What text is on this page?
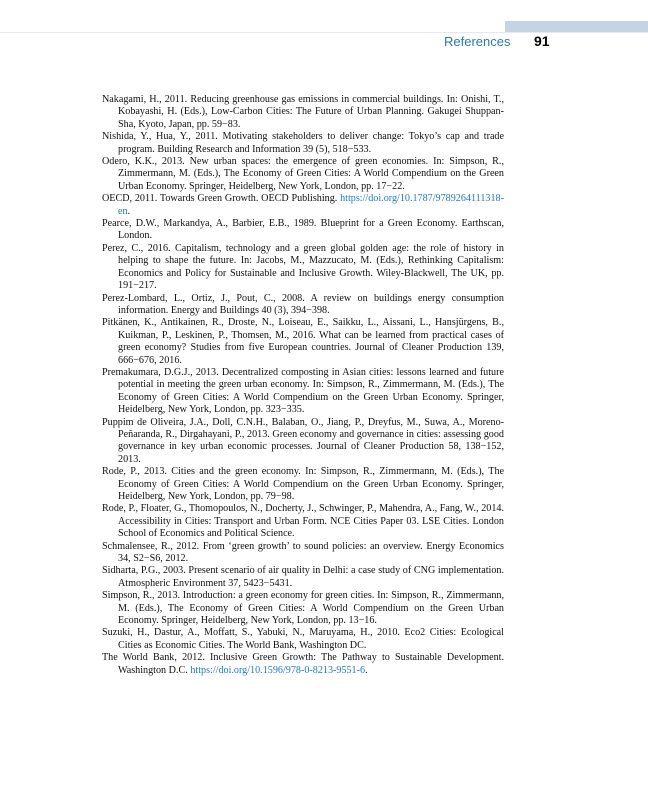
References 91
Nakagami, H., 2011. Reducing greenhouse gas emissions in commercial buildings. In: Onishi, T., Kobayashi, H. (Eds.), Low-Carbon Cities: The Future of Urban Planning. Gakugei Shuppan-Sha, Kyoto, Japan, pp. 59−83.
Nishida, Y., Hua, Y., 2011. Motivating stakeholders to deliver change: Tokyo’s cap and trade program. Building Research and Information 39 (5), 518−533.
Odero, K.K., 2013. New urban spaces: the emergence of green economies. In: Simpson, R., Zimmermann, M. (Eds.), The Economy of Green Cities: A World Compendium on the Green Urban Economy. Springer, Heidelberg, New York, London, pp. 17−22.
OECD, 2011. Towards Green Growth. OECD Publishing. https://doi.org/10.1787/9789264111318-en.
Pearce, D.W., Markandya, A., Barbier, E.B., 1989. Blueprint for a Green Economy. Earthscan, London.
Perez, C., 2016. Capitalism, technology and a green global golden age: the role of history in helping to shape the future. In: Jacobs, M., Mazzucato, M. (Eds.), Rethinking Capitalism: Economics and Policy for Sustainable and Inclusive Growth. Wiley-Blackwell, The UK, pp. 191−217.
Perez-Lombard, L., Ortiz, J., Pout, C., 2008. A review on buildings energy consumption information. Energy and Buildings 40 (3), 394−398.
Pitkänen, K., Antikainen, R., Droste, N., Loiseau, E., Saikku, L., Aissani, L., Hansjürgens, B., Kuikman, P., Leskinen, P., Thomsen, M., 2016. What can be learned from practical cases of green economy? Studies from five European countries. Journal of Cleaner Production 139, 666−676, 2016.
Premakumara, D.G.J., 2013. Decentralized composting in Asian cities: lessons learned and future potential in meeting the green urban economy. In: Simpson, R., Zimmermann, M. (Eds.), The Economy of Green Cities: A World Compendium on the Green Urban Economy. Springer, Heidelberg, New York, London, pp. 323−335.
Puppim de Oliveira, J.A., Doll, C.N.H., Balaban, O., Jiang, P., Dreyfus, M., Suwa, A., Moreno-Peñaranda, R., Dirgahayani, P., 2013. Green economy and governance in cities: assessing good governance in key urban economic processes. Journal of Cleaner Production 58, 138−152, 2013.
Rode, P., 2013. Cities and the green economy. In: Simpson, R., Zimmermann, M. (Eds.), The Economy of Green Cities: A World Compendium on the Green Urban Economy. Springer, Heidelberg, New York, London, pp. 79−98.
Rode, P., Floater, G., Thomopoulos, N., Docherty, J., Schwinger, P., Mahendra, A., Fang, W., 2014. Accessibility in Cities: Transport and Urban Form. NCE Cities Paper 03. LSE Cities. London School of Economics and Political Science.
Schmalensee, R., 2012. From ‘green growth’ to sound policies: an overview. Energy Economics 34, S2−S6, 2012.
Sidharta, P.G., 2003. Present scenario of air quality in Delhi: a case study of CNG implementation. Atmospheric Environment 37, 5423−5431.
Simpson, R., 2013. Introduction: a green economy for green cities. In: Simpson, R., Zimmermann, M. (Eds.), The Economy of Green Cities: A World Compendium on the Green Urban Economy. Springer, Heidelberg, New York, London, pp. 13−16.
Suzuki, H., Dastur, A., Moffatt, S., Yabuki, N., Maruyama, H., 2010. Eco2 Cities: Ecological Cities as Economic Cities. The World Bank, Washington DC.
The World Bank, 2012. Inclusive Green Growth: The Pathway to Sustainable Development. Washington D.C. https://doi.org/10.1596/978-0-8213-9551-6.
